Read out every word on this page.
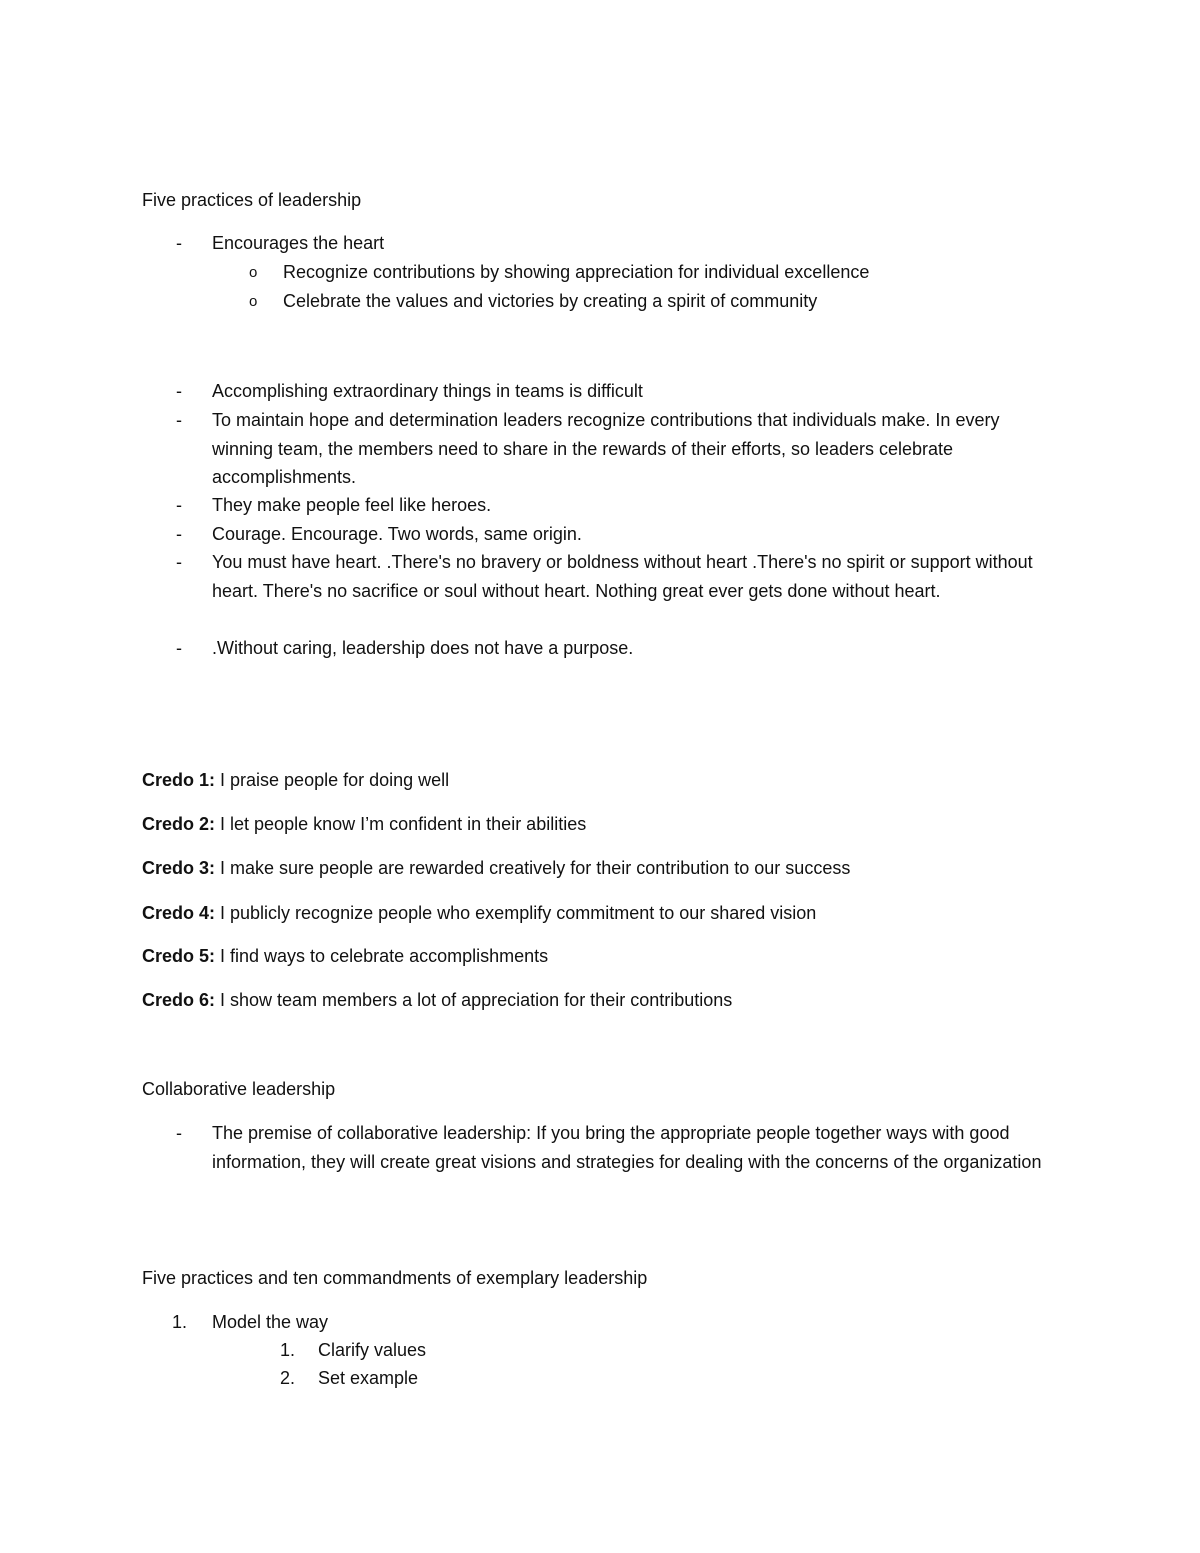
Five practices of leadership
-	Encourages the heart

o	Recognize contributions by showing appreciation for individual excellence
o	Celebrate the values and victories by creating a spirit of community
-	Accomplishing extraordinary things in teams is difficult

-	To maintain hope and determination leaders recognize contributions that individuals make. In every winning team, the members need to share in the rewards of their efforts, so leaders celebrate accomplishments.

-	They make people feel like heroes.

-	Courage. Encourage. Two words, same origin.

-	You must have heart. .There's no bravery or boldness without heart .There's no spirit or support without heart. There's no sacrifice or soul without heart. Nothing great ever gets done without heart.

-	.Without caring, leadership does not have a purpose.

Credo 1: I praise people for doing well

Credo 2: I let people know I’m confident in their abilities

Credo 3: I make sure people are rewarded creatively for their contribution to our success

Credo 4: I publicly recognize people who exemplify commitment to our shared vision

Credo 5: I find ways to celebrate accomplishments

Credo 6: I show team members a lot of appreciation for their contributions

Collaborative leadership
-	The premise of collaborative leadership: If you bring the appropriate people together ways with good information, they will create great visions and strategies for dealing with the concerns of the organization

Five practices and ten commandments of exemplary leadership
1.	Model the way
1.	Clarify values
2.	Set example
